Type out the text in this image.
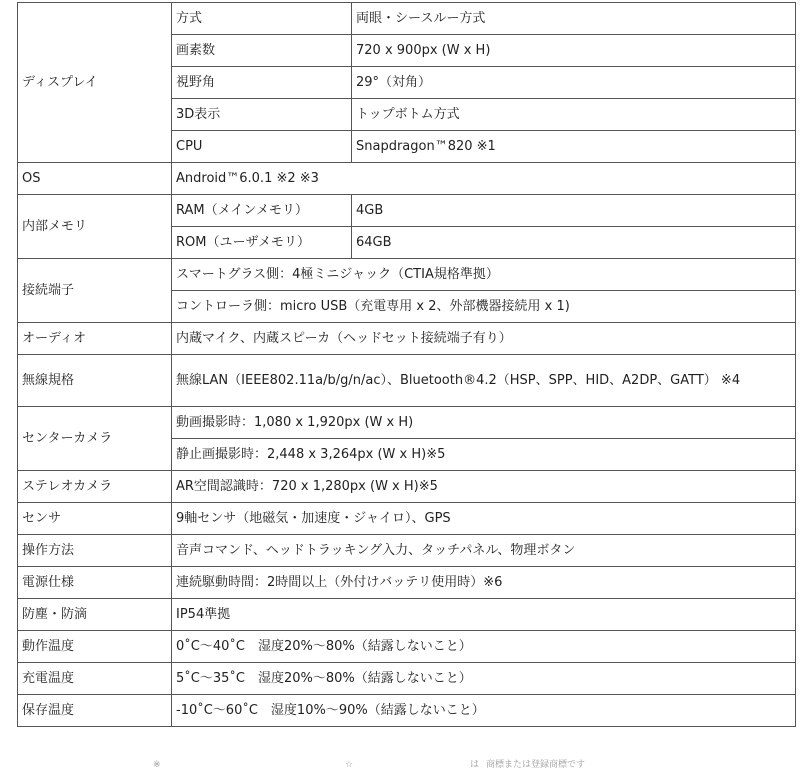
ディスプレイ	方式	両眼・シースルー方式
	画素数	720 x 900px (W x H)
	視野角	29°（対角）
	3D表示	トップボトム方式
	CPU	Snapdragon™820 ※1
OS	Android™6.0.1 ※2 ※3	
内部メモリ	RAM（メインメモリ）	4GB
	ROM（ユーザメモリ）	64GB
接続端子	スマートグラス側：4極ミニジャック（CTIA規格準拠）	
	コントローラ側：micro USB（充電専用 x 2、外部機器接続用 x 1)	
オーディオ	内蔵マイク、内蔵スピーカ（ヘッドセット接続端子有り）	
無線規格	無線LAN（IEEE802.11a/b/g/n/ac）、Bluetooth®4.2（HSP、SPP、HID、A2DP、GATT） ※4	
センターカメラ	動画撮影時：1,080 x 1,920px (W x H)	
	静止画撮影時：2,448 x 3,264px (W x H)※5	
ステレオカメラ	AR空間認識時：720 x 1,280px (W x H)※5	
センサ	9軸センサ（地磁気・加速度・ジャイロ）、GPS	
操作方法	音声コマンド、ヘッドトラッキング入力、タッチパネル、物理ボタン	
電源仕様	連続駆動時間：2時間以上（外付けバッテリ使用時）※6	
防塵・防滴	IP54準拠	
動作温度	0˚C〜40˚C　湿度20%〜80%（結露しないこと）	
充電温度	5˚C〜35˚C　湿度20%〜80%（結露しないこと）	
保存温度	-10˚C〜60˚C　湿度10%〜90%（結露しないこと）	
※	☆	は 商標または登録商標です
